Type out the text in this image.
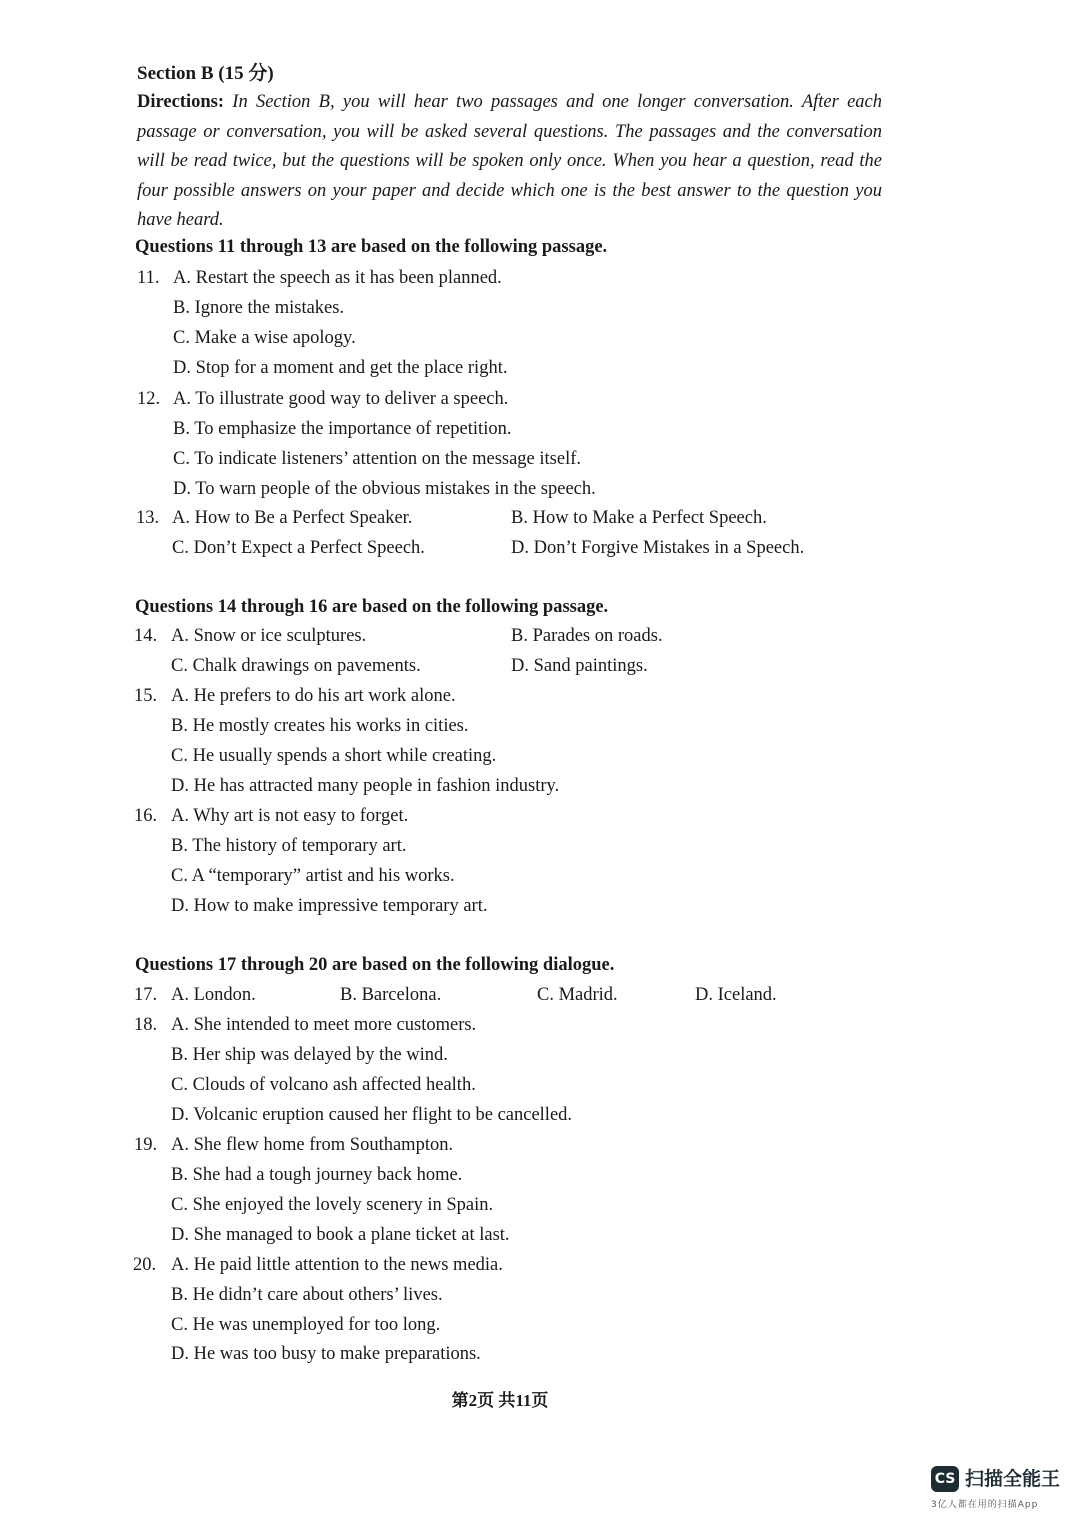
Section B (15 分)
Directions: In Section B, you will hear two passages and one longer conversation. After each passage or conversation, you will be asked several questions. The passages and the conversation will be read twice, but the questions will be spoken only once. When you hear a question, read the four possible answers on your paper and decide which one is the best answer to the question you have heard.
Questions 11 through 13 are based on the following passage.
11. A. Restart the speech as it has been planned.
B. Ignore the mistakes.
C. Make a wise apology.
D. Stop for a moment and get the place right.
12. A. To illustrate good way to deliver a speech.
B. To emphasize the importance of repetition.
C. To indicate listeners’ attention on the message itself.
D. To warn people of the obvious mistakes in the speech.
13. A. How to Be a Perfect Speaker.	B. How to Make a Perfect Speech.
C. Don’t Expect a Perfect Speech.	D. Don’t Forgive Mistakes in a Speech.
Questions 14 through 16 are based on the following passage.
14. A. Snow or ice sculptures.	B. Parades on roads.
C. Chalk drawings on pavements.	D. Sand paintings.
15. A. He prefers to do his art work alone.
B. He mostly creates his works in cities.
C. He usually spends a short while creating.
D. He has attracted many people in fashion industry.
16. A. Why art is not easy to forget.
B. The history of temporary art.
C. A “temporary” artist and his works.
D. How to make impressive temporary art.
Questions 17 through 20 are based on the following dialogue.
17. A. London.	B. Barcelona.	C. Madrid.	D. Iceland.
18. A. She intended to meet more customers.
B. Her ship was delayed by the wind.
C. Clouds of volcano ash affected health.
D. Volcanic eruption caused her flight to be cancelled.
19. A. She flew home from Southampton.
B. She had a tough journey back home.
C. She enjoyed the lovely scenery in Spain.
D. She managed to book a plane ticket at last.
20. A. He paid little attention to the news media.
B. He didn’t care about others’ lives.
C. He was unemployed for too long.
D. He was too busy to make preparations.
第2页 共11页
CS 扫描全能王
3亿人都在用的扫描App
